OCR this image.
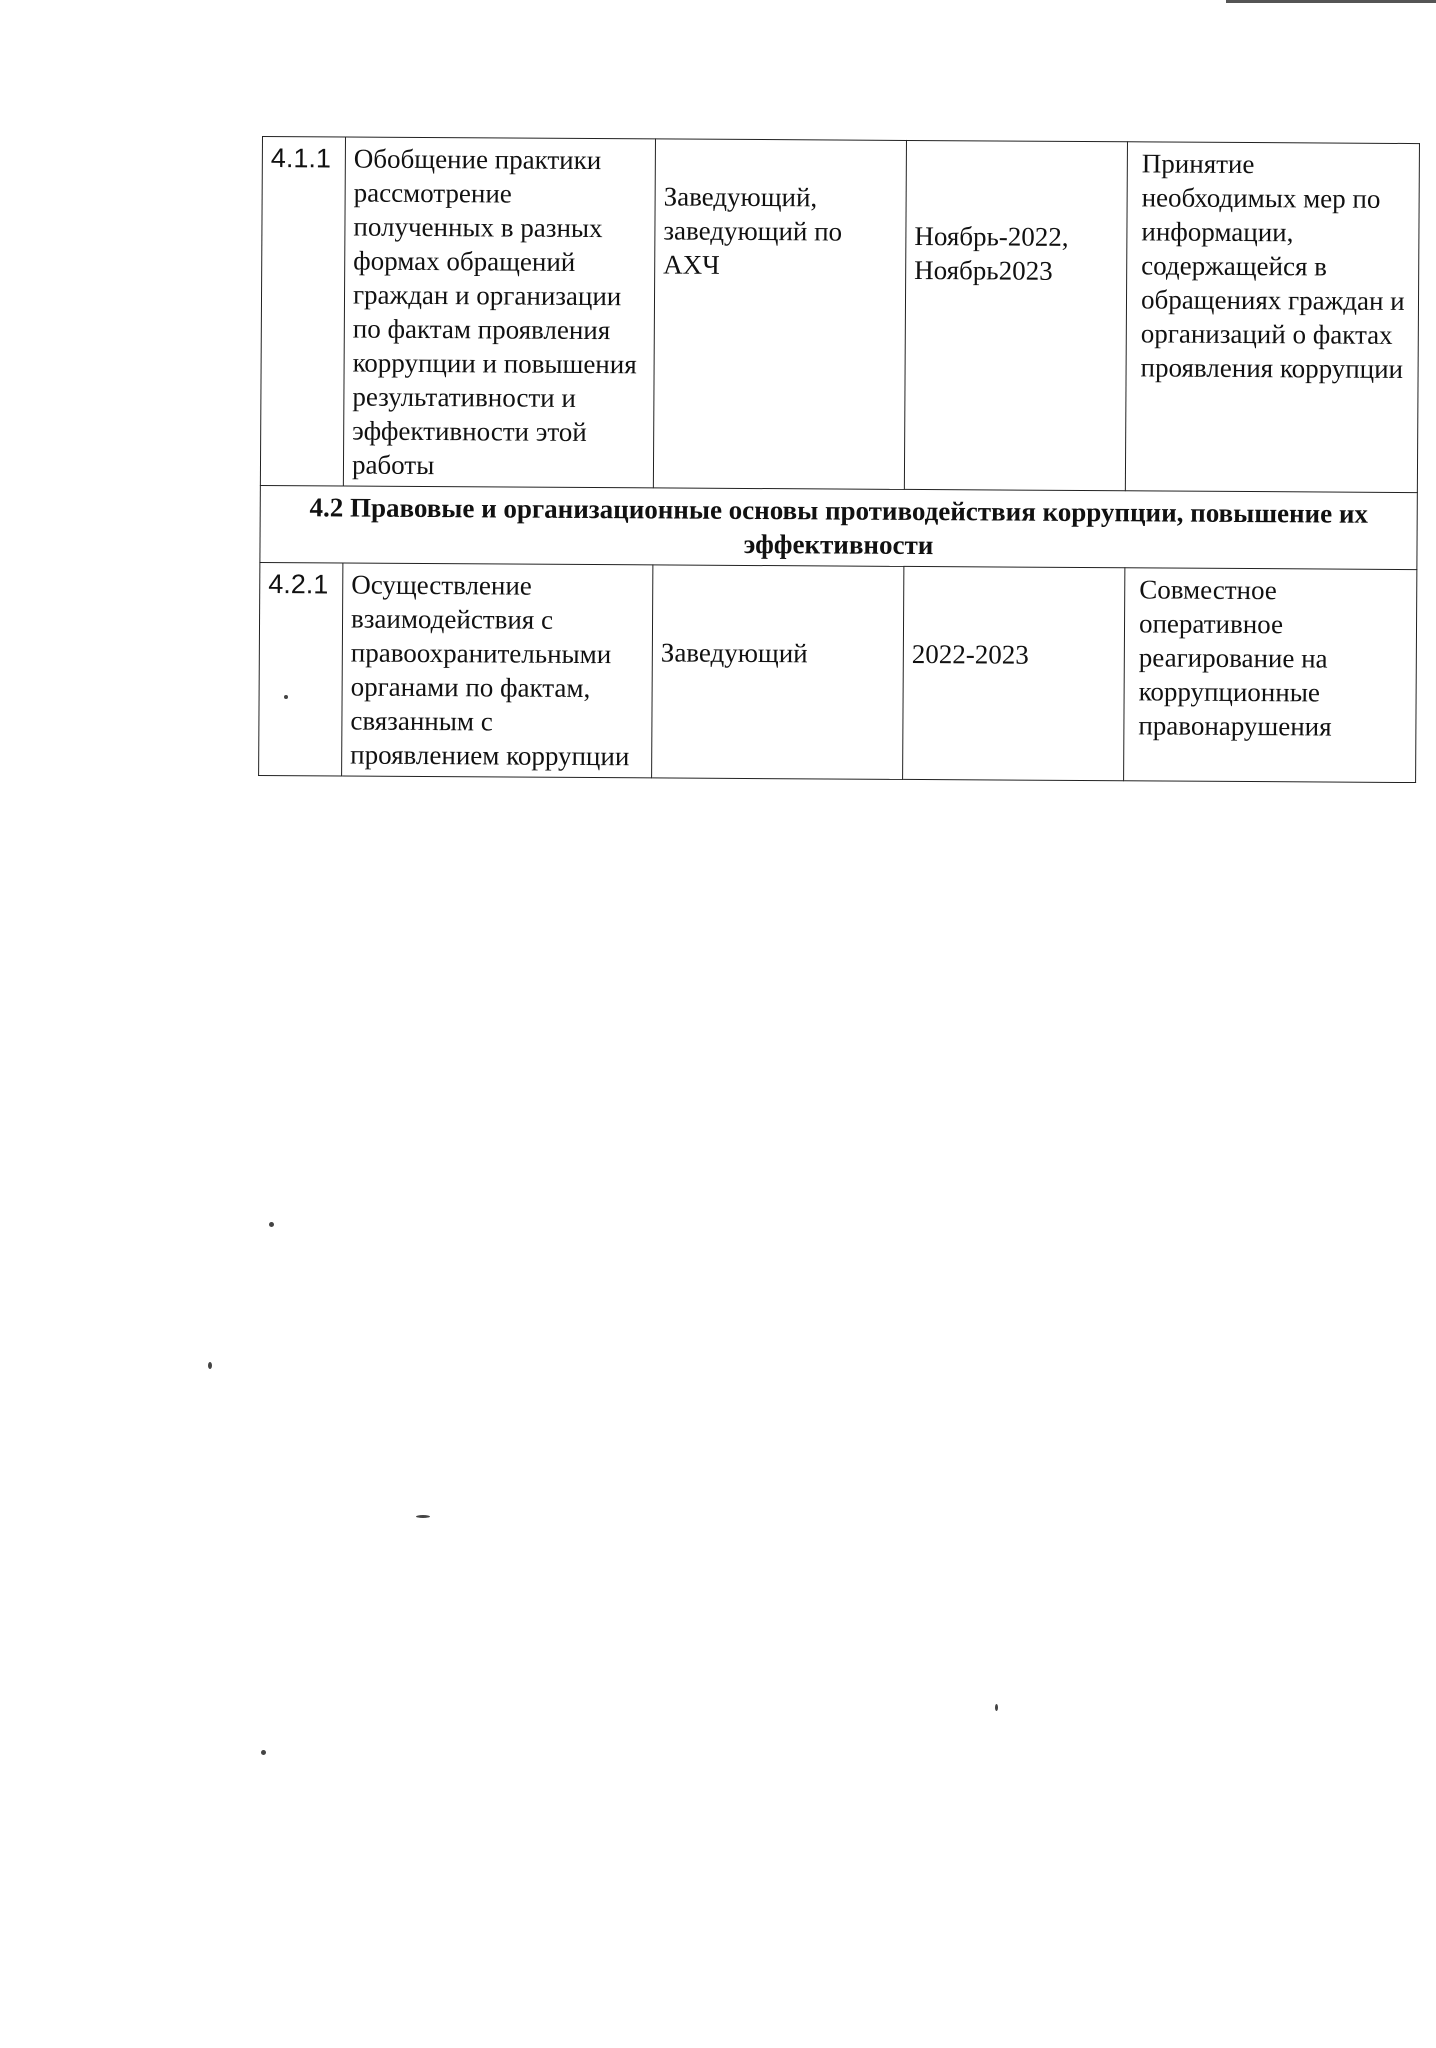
4.1.1	Обобщение практики рассмотрение полученных в разных формах обращений граждан и организации по фактам проявления коррупции и повышения результативности и эффективности этой работы	Заведующий, заведующий по АХЧ	Ноябрь-2022, Ноябрь2023	Принятие необходимых мер по информации, содержащейся в обращениях граждан и организаций о фактах проявления коррупции
4.2 Правовые и организационные основы противодействия коррупции, повышение их эффективности				
4.2.1	Осуществление взаимодействия с правоохранительными органами по фактам, связанным с проявлением коррупции	Заведующий	2022-2023	Совместное оперативное реагирование на коррупционные правонарушения
